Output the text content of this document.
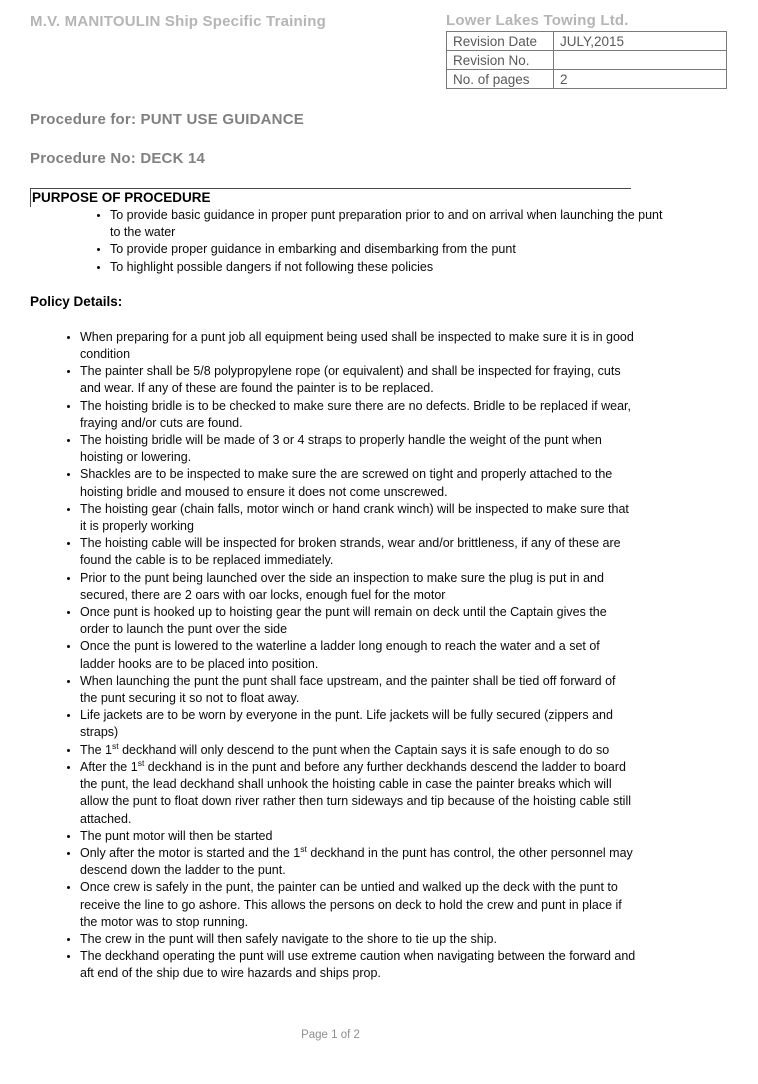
M.V. MANITOULIN Ship Specific Training	Lower Lakes Towing Ltd.
Revision Date	JULY,2015
Revision No.	
No. of pages	2
Procedure for: PUNT USE GUIDANCE
Procedure No: DECK 14
PURPOSE OF PROCEDURE
• To provide basic guidance in proper punt preparation prior to and on arrival when launching the punt to the water
• To provide proper guidance in embarking and disembarking from the punt
• To highlight possible dangers if not following these policies
Policy Details:
• When preparing for a punt job all equipment being used shall be inspected to make sure it is in good condition
• The painter shall be 5/8 polypropylene rope (or equivalent) and shall be inspected for fraying, cuts and wear. If any of these are found the painter is to be replaced.
• The hoisting bridle is to be checked to make sure there are no defects. Bridle to be replaced if wear, fraying and/or cuts are found.
• The hoisting bridle will be made of 3 or 4 straps to properly handle the weight of the punt when hoisting or lowering.
• Shackles are to be inspected to make sure the are screwed on tight and properly attached to the hoisting bridle and moused to ensure it does not come unscrewed.
• The hoisting gear (chain falls, motor winch or hand crank winch) will be inspected to make sure that it is properly working
• The hoisting cable will be inspected for broken strands, wear and/or brittleness, if any of these are found the cable is to be replaced immediately.
• Prior to the punt being launched over the side an inspection to make sure the plug is put in and secured, there are 2 oars with oar locks, enough fuel for the motor
• Once punt is hooked up to hoisting gear the punt will remain on deck until the Captain gives the order to launch the punt over the side
• Once the punt is lowered to the waterline a ladder long enough to reach the water and a set of ladder hooks are to be placed into position.
• When launching the punt the punt shall face upstream, and the painter shall be tied off forward of the punt securing it so not to float away.
• Life jackets are to be worn by everyone in the punt. Life jackets will be fully secured (zippers and straps)
• The 1st deckhand will only descend to the punt when the Captain says it is safe enough to do so
• After the 1st deckhand is in the punt and before any further deckhands descend the ladder to board the punt, the lead deckhand shall unhook the hoisting cable in case the painter breaks which will allow the punt to float down river rather then turn sideways and tip because of the hoisting cable still attached.
• The punt motor will then be started
• Only after the motor is started and the 1st deckhand in the punt has control, the other personnel may descend down the ladder to the punt.
• Once crew is safely in the punt, the painter can be untied and walked up the deck with the punt to receive the line to go ashore. This allows the persons on deck to hold the crew and punt in place if the motor was to stop running.
• The crew in the punt will then safely navigate to the shore to tie up the ship.
• The deckhand operating the punt will use extreme caution when navigating between the forward and aft end of the ship due to wire hazards and ships prop.
Page 1 of 2
